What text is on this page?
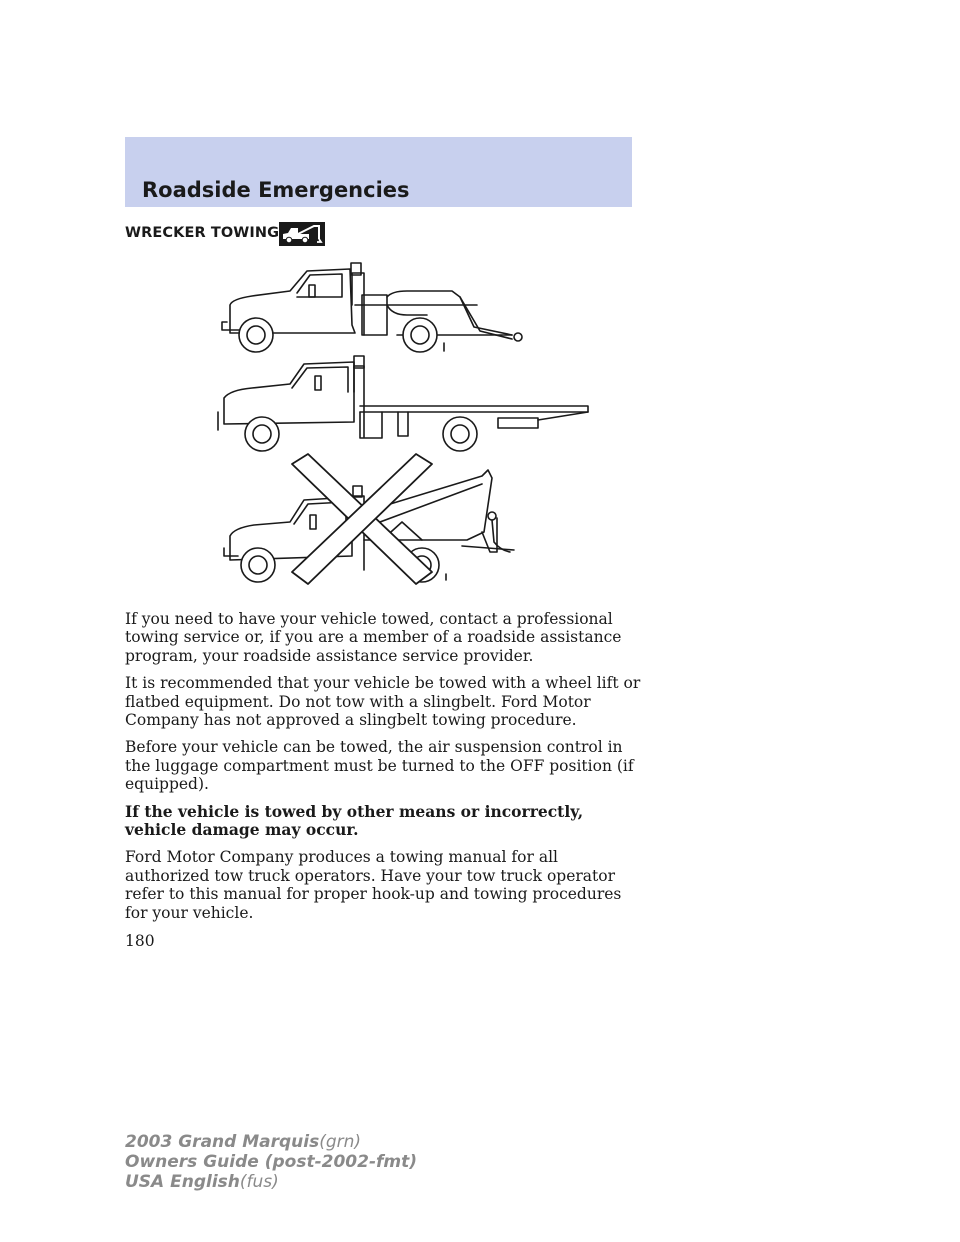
Roadside Emergencies
WRECKER TOWING

If you need to have your vehicle towed, contact a professional towing service or, if you are a member of a roadside assistance program, your roadside assistance service provider.

It is recommended that your vehicle be towed with a wheel lift or flatbed equipment. Do not tow with a slingbelt. Ford Motor Company has not approved a slingbelt towing procedure.

Before your vehicle can be towed, the air suspension control in the luggage compartment must be turned to the OFF position (if equipped).

If the vehicle is towed by other means or incorrectly, vehicle damage may occur.

Ford Motor Company produces a towing manual for all authorized tow truck operators. Have your tow truck operator refer to this manual for proper hook-up and towing procedures for your vehicle.

180
2003 Grand Marquis(grn)
Owners Guide (post-2002-fmt)
USA English(fus)
